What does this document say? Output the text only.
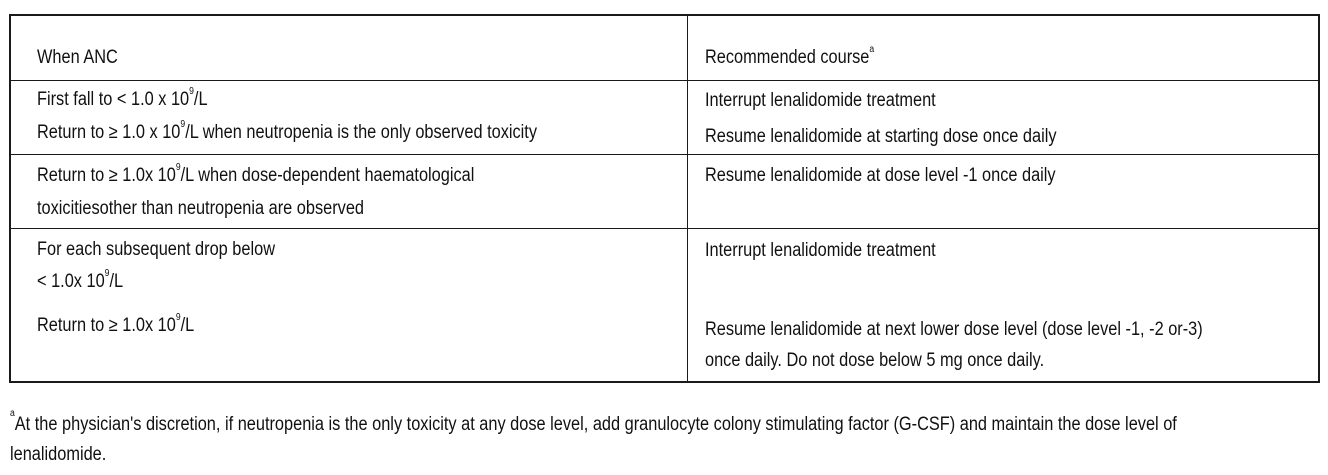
When ANC	Recommended course$^a$
First fall to < 1.0 x $10^9/L$
Return to ≥ 1.0 x $10^9/L$ when neutropenia is the only observed toxicity
Interrupt lenalidomide treatment
Resume lenalidomide at starting dose once daily
Return to ≥ 1.0x $10^9/L$ when dose-dependent haematological
toxicitiesother than neutropenia are observed
Resume lenalidomide at dose level -1 once daily
For each subsequent drop below
< 1.0x $10^9/L$
Return to ≥ 1.0x $10^9/L$
Interrupt lenalidomide treatment
Resume lenalidomide at next lower dose level (dose level -1, -2 or-3)
once daily. Do not dose below 5 mg once daily.
$^a$At the physician's discretion, if neutropenia is the only toxicity at any dose level, add granulocyte colony stimulating factor (G-CSF) and maintain the dose level of lenalidomide.
